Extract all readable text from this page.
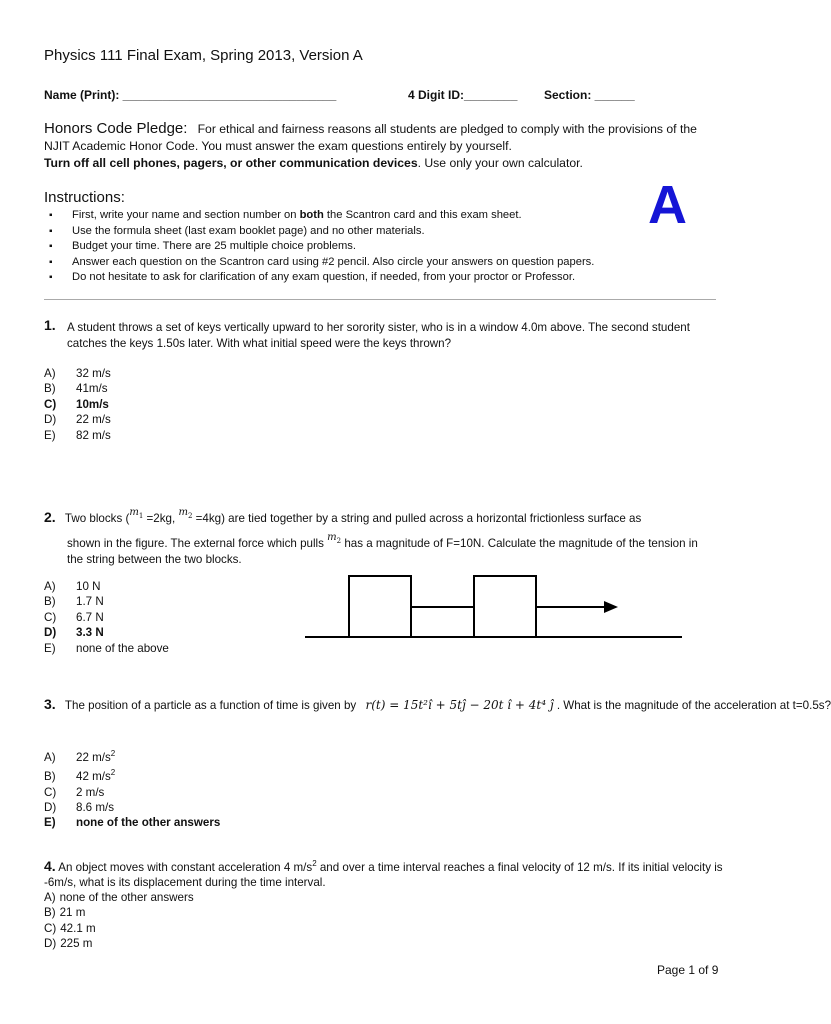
Physics 111 Final Exam, Spring 2013, Version A
Name (Print): ________________________________	4 Digit ID:________ Section: ______
Honors Code Pledge: For ethical and fairness reasons all students are pledged to comply with the provisions of the NJIT Academic Honor Code. You must answer the exam questions entirely by yourself.
Turn off all cell phones, pagers, or other communication devices. Use only your own calculator.
Instructions:	A
▪ First, write your name and section number on both the Scantron card and this exam sheet.
▪ Use the formula sheet (last exam booklet page) and no other materials.
▪ Budget your time. There are 25 multiple choice problems.
▪ Answer each question on the Scantron card using #2 pencil. Also circle your answers on question papers.
▪ Do not hesitate to ask for clarification of any exam question, if needed, from your proctor or Professor.
1. A student throws a set of keys vertically upward to her sorority sister, who is in a window 4.0m above. The second student catches the keys 1.50s later. With what initial speed were the keys thrown?
A) 32 m/s
B) 41m/s
C) 10m/s
D) 22 m/s
E) 82 m/s
2. Two blocks ($m_1 =2kg$, $m_2 =4kg$) are tied together by a string and pulled across a horizontal frictionless surface as
shown in the figure. The external force which pulls $m_2$ has a magnitude of F=10N. Calculate the magnitude of the tension in the string between the two blocks.
A) 10 N
B) 1.7 N
C) 6.7 N
D) 3.3 N
E) none of the above
3. The position of a particle as a function of time is given by r(t) = 15t²î + 5tĵ − 20t î + 4t⁴ ĵ . What is the magnitude of the acceleration at t=0.5s?
A) 22 $m/s^2$
B) 42 $m/s^2$
C) 2 m/s
D) 8.6 m/s
E) none of the other answers
4. An object moves with constant acceleration 4 $m/s^2$ and over a time interval reaches a final velocity of 12 m/s. If its initial velocity is -6m/s, what is its displacement during the time interval.
A) none of the other answers
B) 21 m
C) 42.1 m
D) 225 m
Page 1 of 9
